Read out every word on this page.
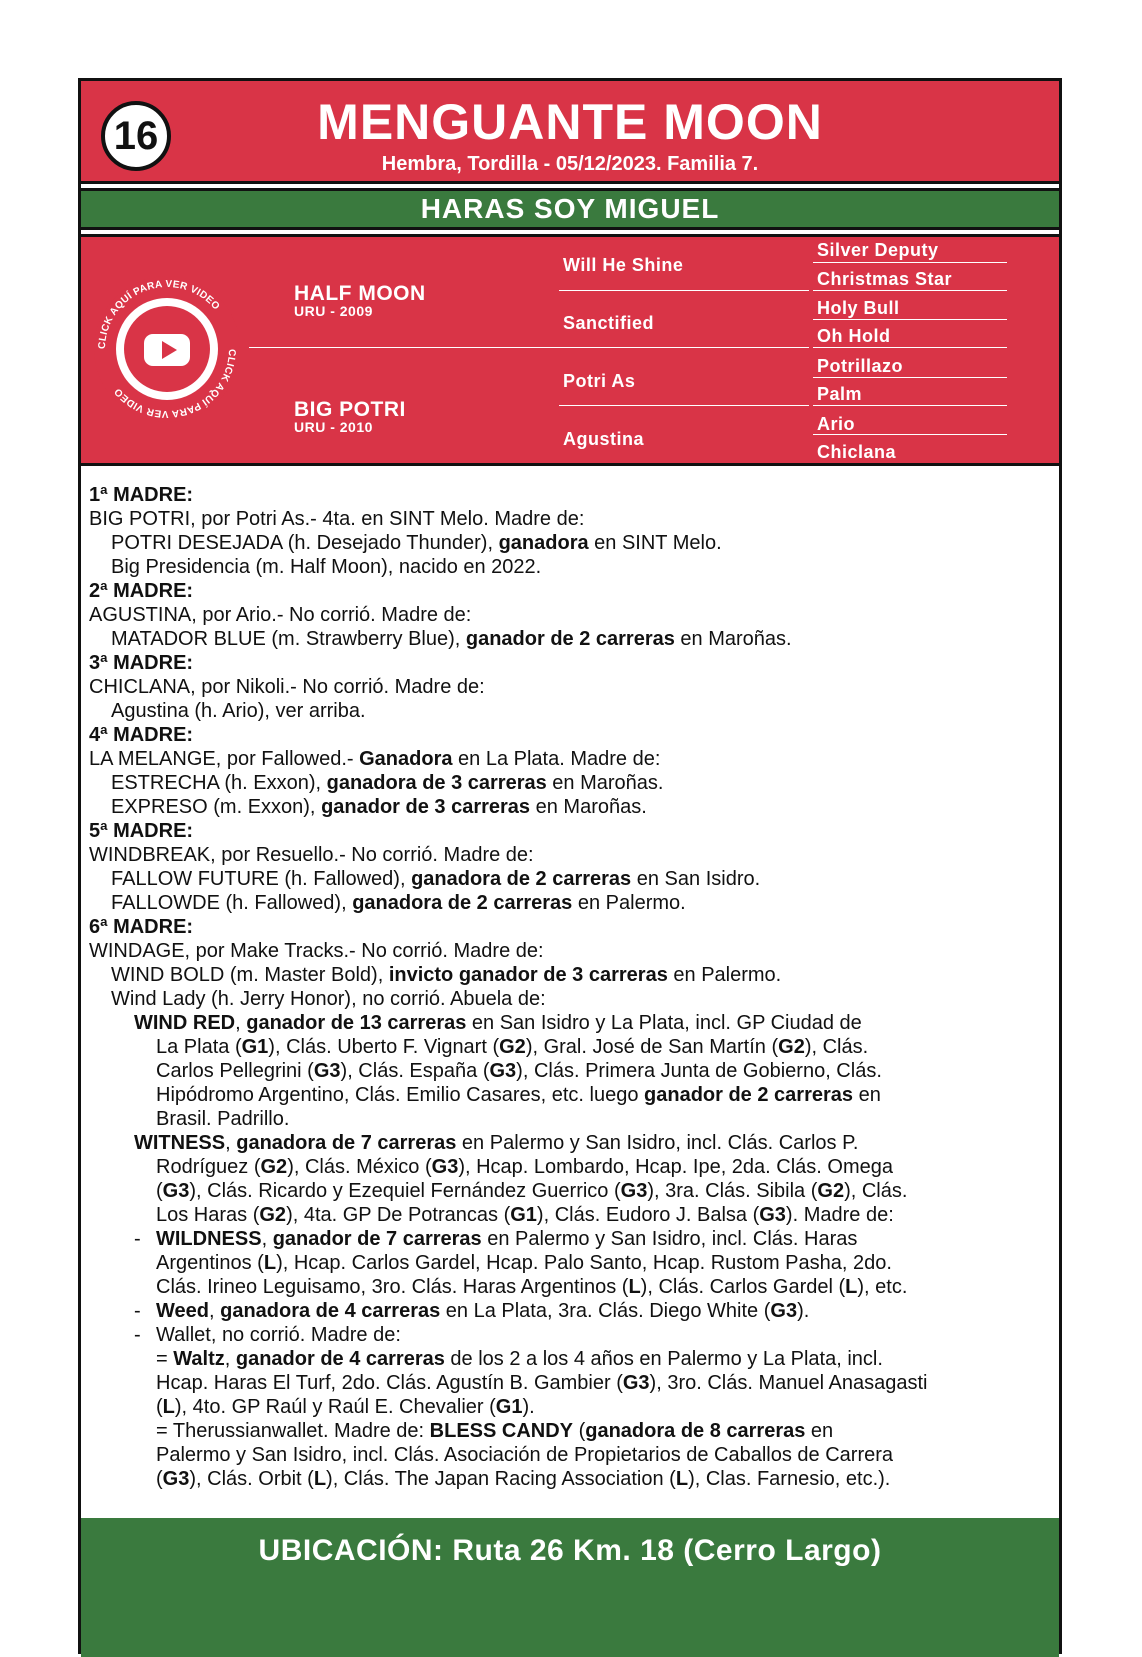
16	MENGUANTE MOON
Hembra, Tordilla - 05/12/2023. Familia 7.
HARAS SOY MIGUEL
CLICK AQUÍ PARA VER VIDEO
CLICK AQUÍ PARA VER VIDEO
HALF MOON
URU - 2009
BIG POTRI
URU - 2010
Will He Shine
Sanctified
Potri As
Agustina
Silver Deputy
Christmas Star
Holy Bull
Oh Hold
Potrillazo
Palm
Ario
Chiclana

1ª MADRE:

BIG POTRI, por Potri As.- 4ta. en SINT Melo. Madre de:

POTRI DESEJADA (h. Desejado Thunder), ganadora en SINT Melo.

Big Presidencia (m. Half Moon), nacido en 2022.

2ª MADRE:

AGUSTINA, por Ario.- No corrió. Madre de:

MATADOR BLUE (m. Strawberry Blue), ganador de 2 carreras en Maroñas.

3ª MADRE:

CHICLANA, por Nikoli.- No corrió. Madre de:

Agustina (h. Ario), ver arriba.

4ª MADRE:

LA MELANGE, por Fallowed.- Ganadora en La Plata. Madre de:

ESTRECHA (h. Exxon), ganadora de 3 carreras en Maroñas.

EXPRESO (m. Exxon), ganador de 3 carreras en Maroñas.

5ª MADRE:

WINDBREAK, por Resuello.- No corrió. Madre de:

FALLOW FUTURE (h. Fallowed), ganadora de 2 carreras en San Isidro.

FALLOWDE (h. Fallowed), ganadora de 2 carreras en Palermo.

6ª MADRE:

WINDAGE, por Make Tracks.- No corrió. Madre de:

WIND BOLD (m. Master Bold), invicto ganador de 3 carreras en Palermo.

Wind Lady (h. Jerry Honor), no corrió. Abuela de:

WIND RED, ganador de 13 carreras en San Isidro y La Plata, incl. GP Ciudad de

La Plata (G1), Clás. Uberto F. Vignart (G2), Gral. José de San Martín (G2), Clás.

Carlos Pellegrini (G3), Clás. España (G3), Clás. Primera Junta de Gobierno, Clás.

Hipódromo Argentino, Clás. Emilio Casares, etc. luego ganador de 2 carreras en

Brasil. Padrillo.

WITNESS, ganadora de 7 carreras en Palermo y San Isidro, incl. Clás. Carlos P.

Rodríguez (G2), Clás. México (G3), Hcap. Lombardo, Hcap. Ipe, 2da. Clás. Omega

(G3), Clás. Ricardo y Ezequiel Fernández Guerrico (G3), 3ra. Clás. Sibila (G2), Clás.

Los Haras (G2), 4ta. GP De Potrancas (G1), Clás. Eudoro J. Balsa (G3). Madre de:

- WILDNESS, ganador de 7 carreras en Palermo y San Isidro, incl. Clás. Haras

Argentinos (L), Hcap. Carlos Gardel, Hcap. Palo Santo, Hcap. Rustom Pasha, 2do.

Clás. Irineo Leguisamo, 3ro. Clás. Haras Argentinos (L), Clás. Carlos Gardel (L), etc.

- Weed, ganadora de 4 carreras en La Plata, 3ra. Clás. Diego White (G3).

- Wallet, no corrió. Madre de:

= Waltz, ganador de 4 carreras de los 2 a los 4 años en Palermo y La Plata, incl.

Hcap. Haras El Turf, 2do. Clás. Agustín B. Gambier (G3), 3ro. Clás. Manuel Anasagasti

(L), 4to. GP Raúl y Raúl E. Chevalier (G1).

= Therussianwallet. Madre de: BLESS CANDY (ganadora de 8 carreras en

Palermo y San Isidro, incl. Clás. Asociación de Propietarios de Caballos de Carrera

(G3), Clás. Orbit (L), Clás. The Japan Racing Association (L), Clas. Farnesio, etc.).

UBICACIÓN: Ruta 26 Km. 18 (Cerro Largo)
